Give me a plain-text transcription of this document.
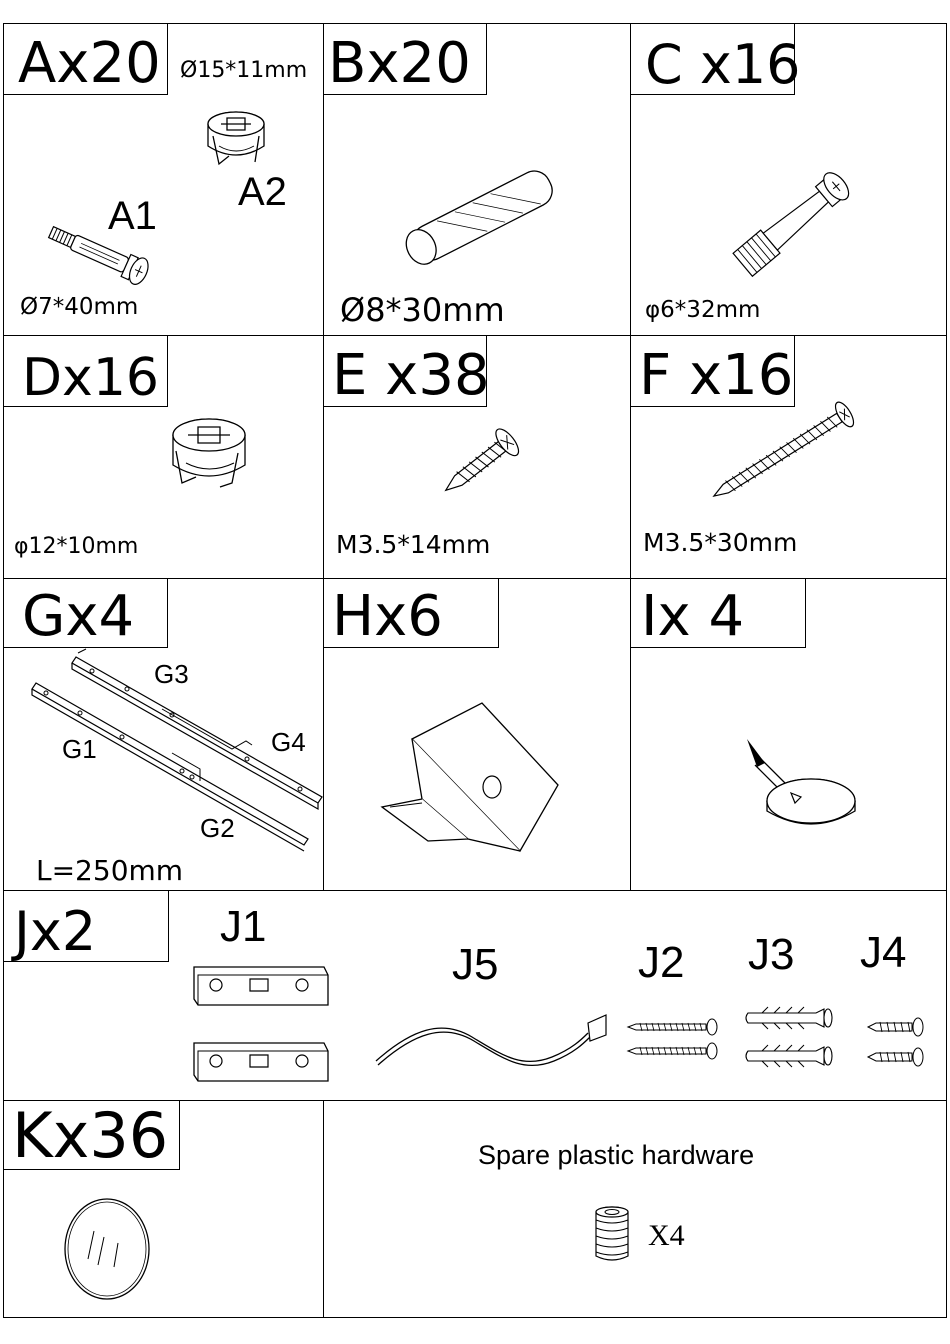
Ax20 Ø15*11mm
A1
A2
Ø7*40mm
Bx20
Ø8*30mm
C x16
φ6*32mm
Dx16
φ12*10mm
E x38
M3.5*14mm
F x16
M3.5*30mm
Gx4
G3
G4
G1
G2
L=250mm
Hx6	Ix 4
Jx2	J1
J5	J2 J3 J4
Kx36	Spare plastic hardware
X4
